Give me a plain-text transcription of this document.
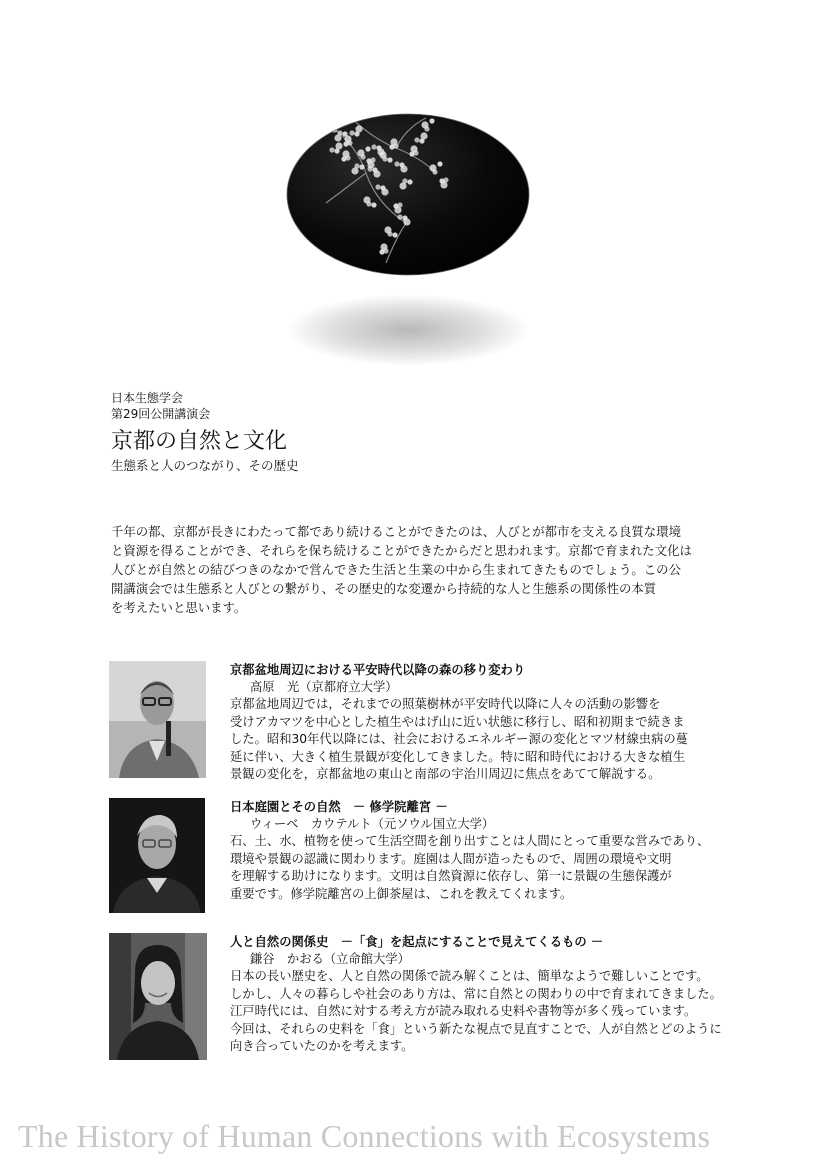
日本生態学会
第29回公開講演会
京都の自然と文化
生態系と人のつながり、その歴史

千年の都、京都が長きにわたって都であり続けることができたのは、人びとが都市を支える良質な環境

と資源を得ることができ、それらを保ち続けることができたからだと思われます。京都で育まれた文化は

人びとが自然との結びつきのなかで営んできた生活と生業の中から生まれてきたものでしょう。この公

開講演会では生態系と人びとの繋がり、その歴史的な変遷から持続的な人と生態系の関係性の本質

を考えたいと思います。

京都盆地周辺における平安時代以降の森の移り変わり
高原　光（京都府立大学）

京都盆地周辺では，それまでの照葉樹林が平安時代以降に人々の活動の影響を

受けアカマツを中心とした植生やはげ山に近い状態に移行し、昭和初期まで続きま

した。昭和30年代以降には、社会におけるエネルギー源の変化とマツ材線虫病の蔓

延に伴い、大きく植生景観が変化してきました。特に昭和時代における大きな植生

景観の変化を，京都盆地の東山と南部の宇治川周辺に焦点をあてて解説する。

日本庭園とその自然　－ 修学院離宮 －
ウィーベ　カウテルト（元ソウル国立大学）

石、土、水、植物を使って生活空間を創り出すことは人間にとって重要な営みであり、

環境や景観の認識に関わります。庭園は人間が造ったもので、周囲の環境や文明

を理解する助けになります。文明は自然資源に依存し、第一に景観の生態保護が

重要です。修学院離宮の上御茶屋は、これを教えてくれます。

人と自然の関係史　－「食」を起点にすることで見えてくるもの －
鎌谷　かおる（立命館大学）

日本の長い歴史を、人と自然の関係で読み解くことは、簡単なようで難しいことです。

しかし、人々の暮らしや社会のあり方は、常に自然との関わりの中で育まれてきました。

江戸時代には、自然に対する考え方が読み取れる史料や書物等が多く残っています。

今回は、それらの史料を「食」という新たな視点で見直すことで、人が自然とどのように

向き合っていたのかを考えます。

The History of Human Connections with Ecosystems
